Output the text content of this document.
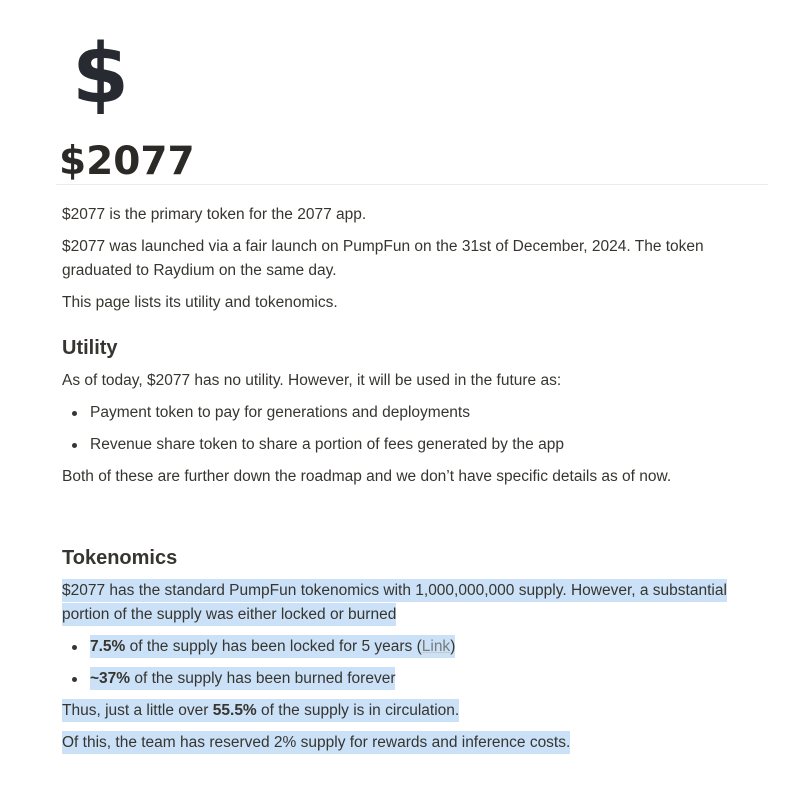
$
$2077

$2077 is the primary token for the 2077 app.

$2077 was launched via a fair launch on PumpFun on the 31st of December, 2024. The token graduated to Raydium on the same day.

This page lists its utility and tokenomics.

Utility

As of today, $2077 has no utility. However, it will be used in the future as:

Payment token to pay for generations and deployments
Revenue share token to share a portion of fees generated by the app

Both of these are further down the roadmap and we don’t have specific details as of now.

Tokenomics

$2077 has the standard PumpFun tokenomics with 1,000,000,000 supply. However, a substantial portion of the supply was either locked or burned

7.5% of the supply has been locked for 5 years (Link)
~37% of the supply has been burned forever

Thus, just a little over 55.5% of the supply is in circulation.

Of this, the team has reserved 2% supply for rewards and inference costs.
